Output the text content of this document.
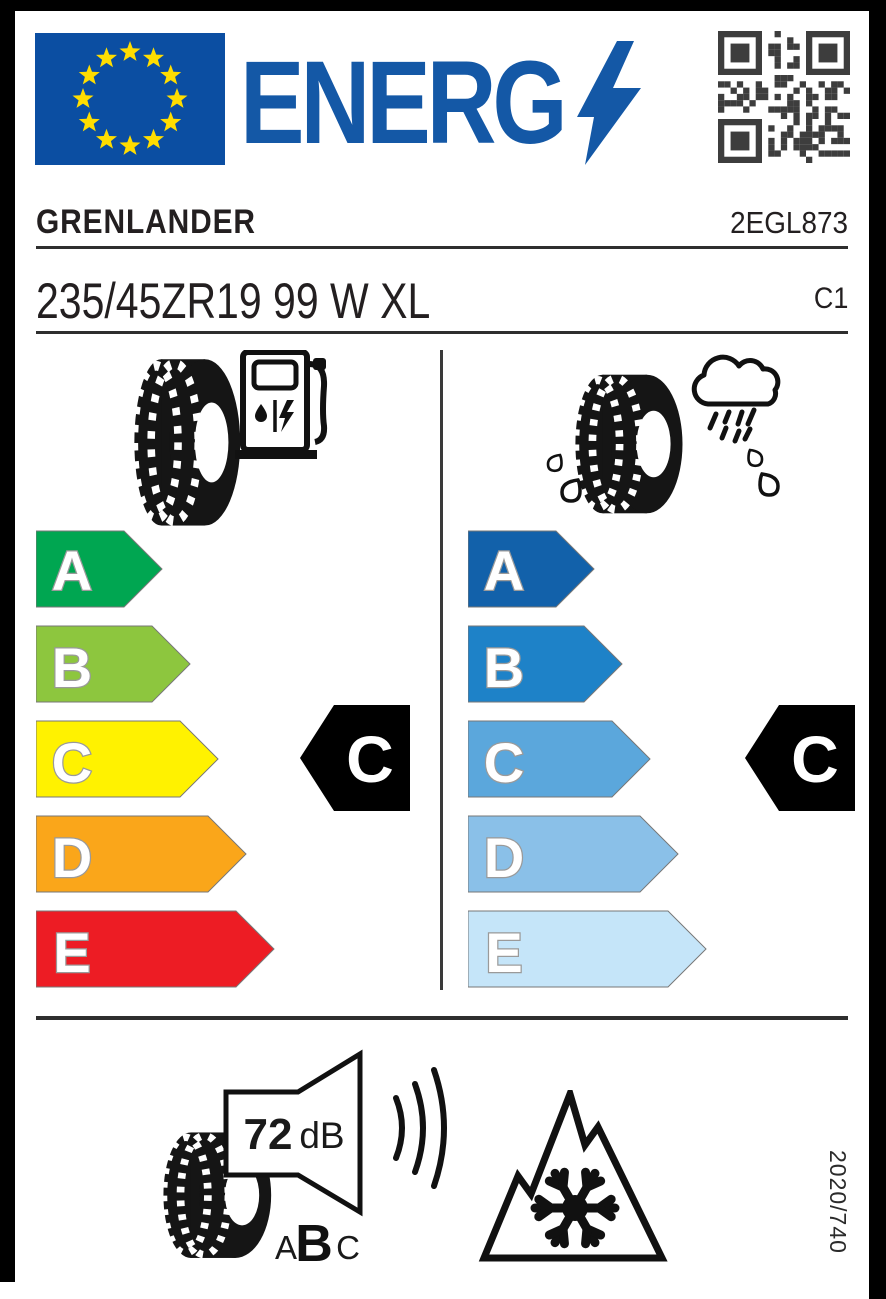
ENERG
GRENLANDER	2EGL873
235/45ZR19 99 W XL	C1
A
B
C
D
E
C
A
B
C
D
E
C
72 dB
A
B C	2020/740
